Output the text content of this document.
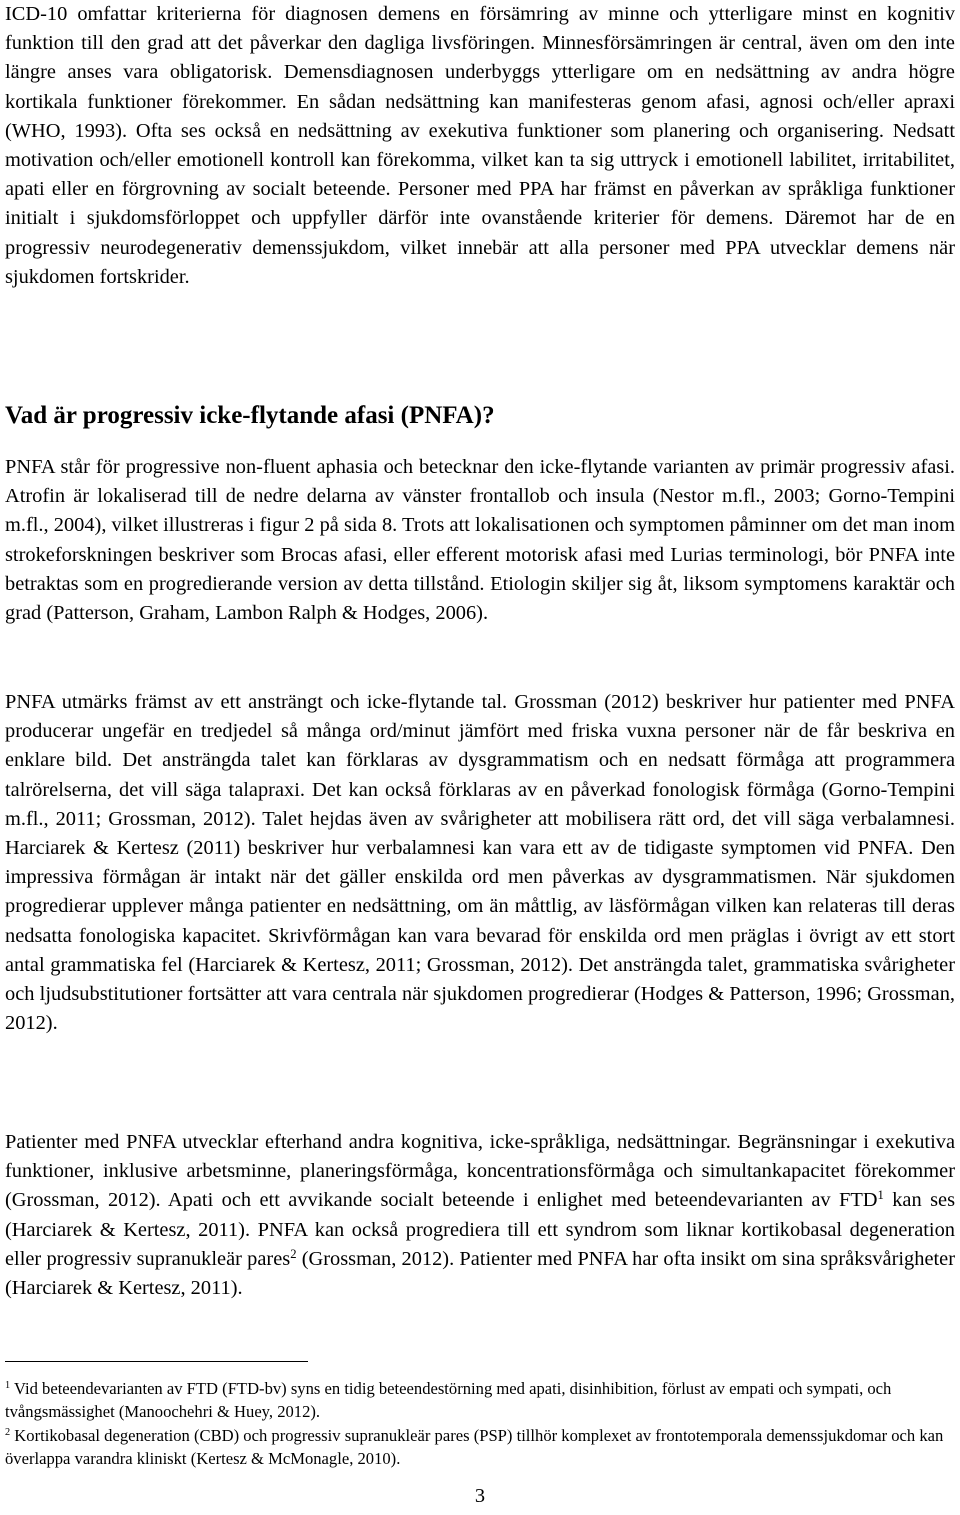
ICD-10 omfattar kriterierna för diagnosen demens en försämring av minne och ytterligare minst en kognitiv funktion till den grad att det påverkar den dagliga livsföringen. Minnesförsämringen är central, även om den inte längre anses vara obligatorisk. Demensdiagnosen underbyggs ytterligare om en nedsättning av andra högre kortikala funktioner förekommer. En sådan nedsättning kan manifesteras genom afasi, agnosi och/eller apraxi (WHO, 1993). Ofta ses också en nedsättning av exekutiva funktioner som planering och organisering. Nedsatt motivation och/eller emotionell kontroll kan förekomma, vilket kan ta sig uttryck i emotionell labilitet, irritabilitet, apati eller en förgrovning av socialt beteende. Personer med PPA har främst en påverkan av språkliga funktioner initialt i sjukdomsförloppet och uppfyller därför inte ovanstående kriterier för demens. Däremot har de en progressiv neurodegenerativ demenssjukdom, vilket innebär att alla personer med PPA utvecklar demens när sjukdomen fortskrider.

Vad är progressiv icke-flytande afasi (PNFA)?

PNFA står för progressive non-fluent aphasia och betecknar den icke-flytande varianten av primär progressiv afasi. Atrofin är lokaliserad till de nedre delarna av vänster frontallob och insula (Nestor m.fl., 2003; Gorno-Tempini m.fl., 2004), vilket illustreras i figur 2 på sida 8. Trots att lokalisationen och symptomen påminner om det man inom strokeforskningen beskriver som Brocas afasi, eller efferent motorisk afasi med Lurias terminologi, bör PNFA inte betraktas som en progredierande version av detta tillstånd. Etiologin skiljer sig åt, liksom symptomens karaktär och grad (Patterson, Graham, Lambon Ralph & Hodges, 2006).

PNFA utmärks främst av ett ansträngt och icke-flytande tal. Grossman (2012) beskriver hur patienter med PNFA producerar ungefär en tredjedel så många ord/minut jämfört med friska vuxna personer när de får beskriva en enklare bild. Det ansträngda talet kan förklaras av dysgrammatism och en nedsatt förmåga att programmera talrörelserna, det vill säga talapraxi. Det kan också förklaras av en påverkad fonologisk förmåga (Gorno-Tempini m.fl., 2011; Grossman, 2012). Talet hejdas även av svårigheter att mobilisera rätt ord, det vill säga verbalamnesi. Harciarek & Kertesz (2011) beskriver hur verbalamnesi kan vara ett av de tidigaste symptomen vid PNFA. Den impressiva förmågan är intakt när det gäller enskilda ord men påverkas av dysgrammatismen. När sjukdomen progredierar upplever många patienter en nedsättning, om än måttlig, av läsförmågan vilken kan relateras till deras nedsatta fonologiska kapacitet. Skrivförmågan kan vara bevarad för enskilda ord men präglas i övrigt av ett stort antal grammatiska fel (Harciarek & Kertesz, 2011; Grossman, 2012). Det ansträngda talet, grammatiska svårigheter och ljudsubstitutioner fortsätter att vara centrala när sjukdomen progredierar (Hodges & Patterson, 1996; Grossman, 2012).

Patienter med PNFA utvecklar efterhand andra kognitiva, icke-språkliga, nedsättningar. Begränsningar i exekutiva funktioner, inklusive arbetsminne, planeringsförmåga, koncentrationsförmåga och simultankapacitet förekommer (Grossman, 2012). Apati och ett avvikande socialt beteende i enlighet med beteendevarianten av FTD$^1$ kan ses (Harciarek & Kertesz, 2011). PNFA kan också progrediera till ett syndrom som liknar kortikobasal degeneration eller progressiv supranukleär pares$^2$ (Grossman, 2012). Patienter med PNFA har ofta insikt om sina språksvårigheter (Harciarek & Kertesz, 2011).

$^1$ Vid beteendevarianten av FTD (FTD-bv) syns en tidig beteendestörning med apati, disinhibition, förlust av empati och sympati, och tvångsmässighet (Manoochehri & Huey, 2012).

$^2$ Kortikobasal degeneration (CBD) och progressiv supranukleär pares (PSP) tillhör komplexet av frontotemporala demenssjukdomar och kan överlappa varandra kliniskt (Kertesz & McMonagle, 2010).

3
